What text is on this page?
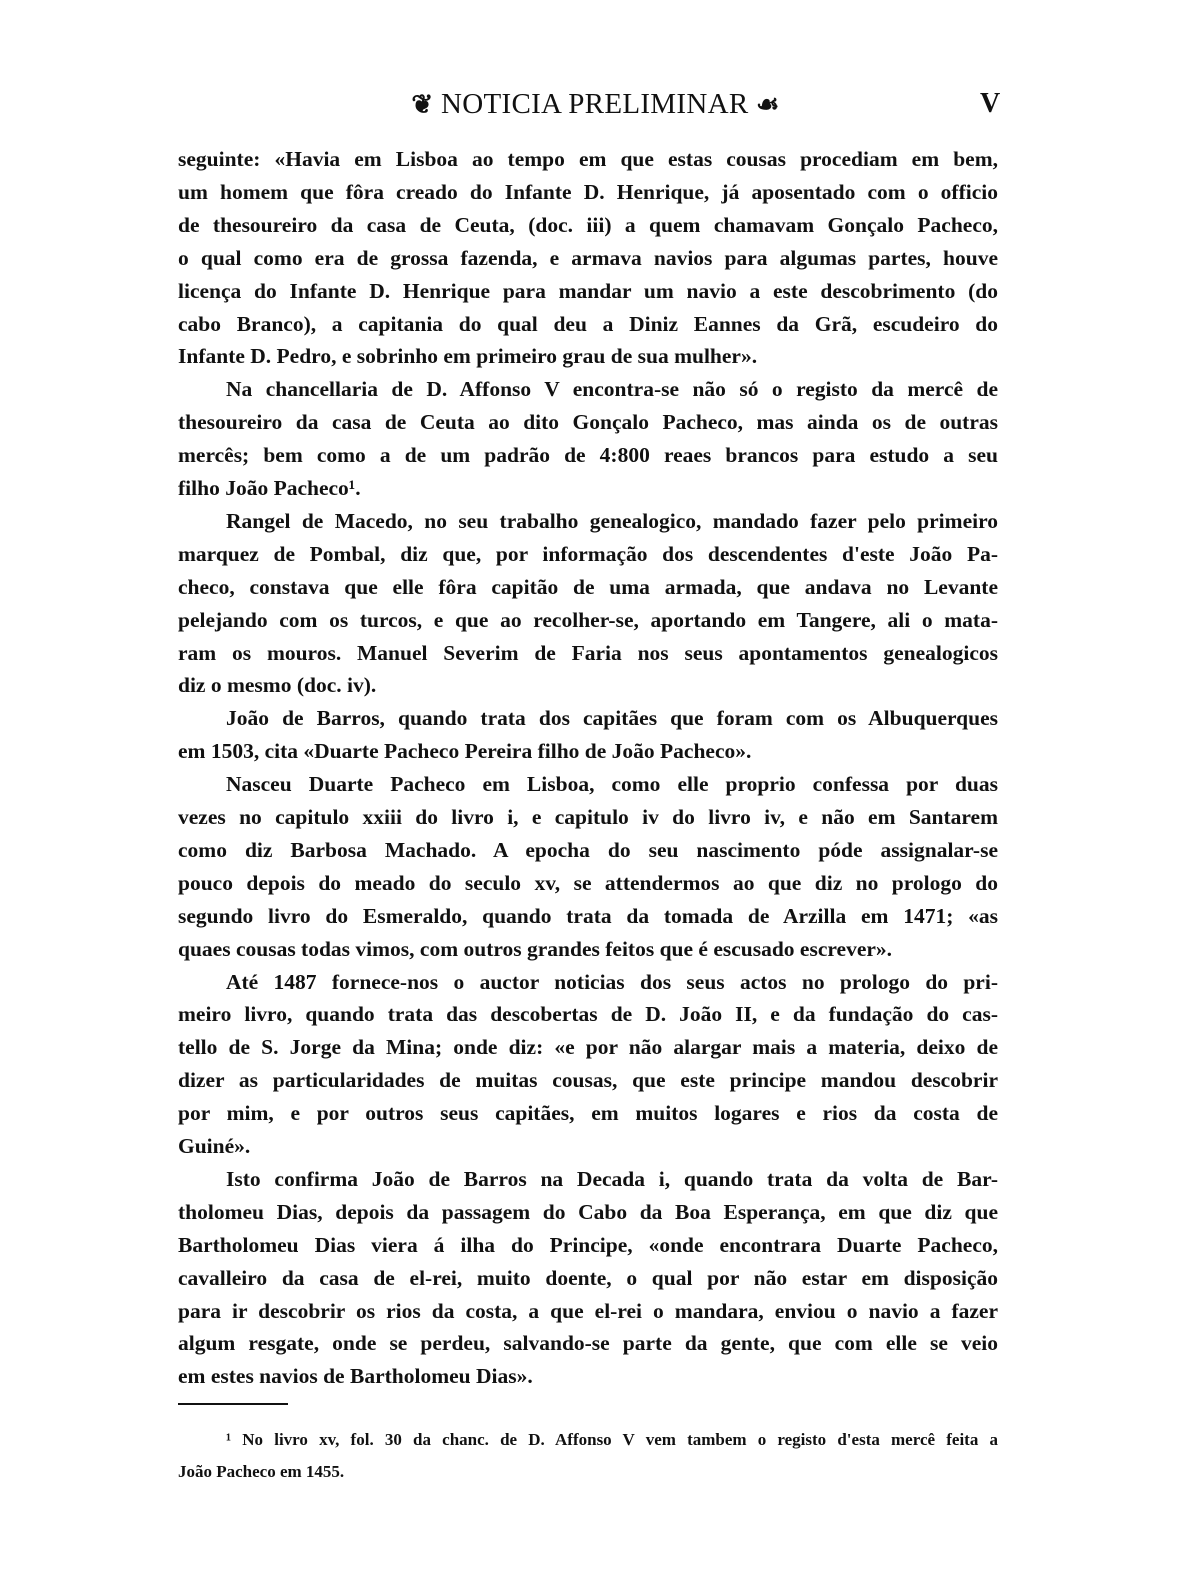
❦ NOTICIA PRELIMINAR ☙	V
seguinte: «Havia em Lisboa ao tempo em que estas cousas procediam em bem,
um homem que fôra creado do Infante D. Henrique, já aposentado com o officio
de thesoureiro da casa de Ceuta, (doc. iii) a quem chamavam Gonçalo Pacheco,
o qual como era de grossa fazenda, e armava navios para algumas partes, houve
licença do Infante D. Henrique para mandar um navio a este descobrimento (do
cabo Branco), a capitania do qual deu a Diniz Eannes da Grã, escudeiro do
Infante D. Pedro, e sobrinho em primeiro grau de sua mulher».
Na chancellaria de D. Affonso V encontra-se não só o registo da mercê de
thesoureiro da casa de Ceuta ao dito Gonçalo Pacheco, mas ainda os de outras
mercês; bem como a de um padrão de 4:800 reaes brancos para estudo a seu
filho João Pacheco¹.
Rangel de Macedo, no seu trabalho genealogico, mandado fazer pelo primeiro
marquez de Pombal, diz que, por informação dos descendentes d'este João Pa-
checo, constava que elle fôra capitão de uma armada, que andava no Levante
pelejando com os turcos, e que ao recolher-se, aportando em Tangere, ali o mata-
ram os mouros. Manuel Severim de Faria nos seus apontamentos genealogicos
diz o mesmo (doc. iv).
João de Barros, quando trata dos capitães que foram com os Albuquerques
em 1503, cita «Duarte Pacheco Pereira filho de João Pacheco».
Nasceu Duarte Pacheco em Lisboa, como elle proprio confessa por duas
vezes no capitulo xxiii do livro i, e capitulo iv do livro iv, e não em Santarem
como diz Barbosa Machado. A epocha do seu nascimento póde assignalar-se
pouco depois do meado do seculo xv, se attendermos ao que diz no prologo do
segundo livro do Esmeraldo, quando trata da tomada de Arzilla em 1471; «as
quaes cousas todas vimos, com outros grandes feitos que é escusado escrever».
Até 1487 fornece-nos o auctor noticias dos seus actos no prologo do pri-
meiro livro, quando trata das descobertas de D. João II, e da fundação do cas-
tello de S. Jorge da Mina; onde diz: «e por não alargar mais a materia, deixo de
dizer as particularidades de muitas cousas, que este principe mandou descobrir
por mim, e por outros seus capitães, em muitos logares e rios da costa de
Guiné».
Isto confirma João de Barros na Decada i, quando trata da volta de Bar-
tholomeu Dias, depois da passagem do Cabo da Boa Esperança, em que diz que
Bartholomeu Dias viera á ilha do Principe, «onde encontrara Duarte Pacheco,
cavalleiro da casa de el-rei, muito doente, o qual por não estar em disposição
para ir descobrir os rios da costa, a que el-rei o mandara, enviou o navio a fazer
algum resgate, onde se perdeu, salvando-se parte da gente, que com elle se veio
em estes navios de Bartholomeu Dias».
¹ No livro xv, fol. 30 da chanc. de D. Affonso V vem tambem o registo d'esta mercê feita a
João Pacheco em 1455.
